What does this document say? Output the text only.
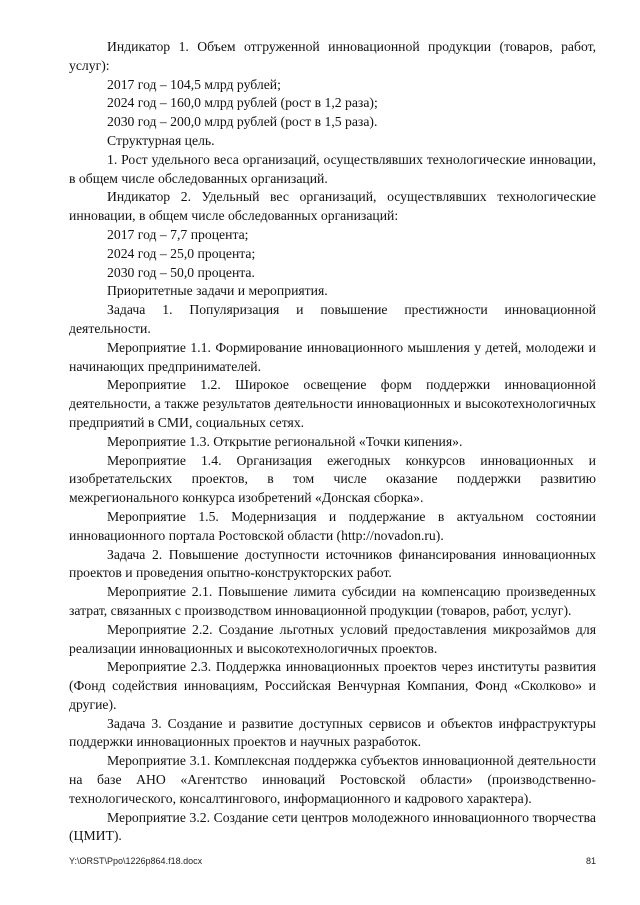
Индикатор 1. Объем отгруженной инновационной продукции (товаров, работ, услуг):

2017 год – 104,5 млрд рублей;

2024 год – 160,0 млрд рублей (рост в 1,2 раза);

2030 год – 200,0 млрд рублей (рост в 1,5 раза).

Структурная цель.

1. Рост удельного веса организаций, осуществлявших технологические инновации, в общем числе обследованных организаций.

Индикатор 2. Удельный вес организаций, осуществлявших технологические инновации, в общем числе обследованных организаций:

2017 год – 7,7 процента;

2024 год – 25,0 процента;

2030 год – 50,0 процента.

Приоритетные задачи и мероприятия.

Задача 1. Популяризация и повышение престижности инновационной деятельности.

Мероприятие 1.1. Формирование инновационного мышления у детей, молодежи и начинающих предпринимателей.

Мероприятие 1.2. Широкое освещение форм поддержки инновационной деятельности, а также результатов деятельности инновационных и высокотехнологичных предприятий в СМИ, социальных сетях.

Мероприятие 1.3. Открытие региональной «Точки кипения».

Мероприятие 1.4. Организация ежегодных конкурсов инновационных и изобретательских проектов, в том числе оказание поддержки развитию межрегионального конкурса изобретений «Донская сборка».

Мероприятие 1.5. Модернизация и поддержание в актуальном состоянии инновационного портала Ростовской области (http://novadon.ru).

Задача 2. Повышение доступности источников финансирования инновационных проектов и проведения опытно-конструкторских работ.

Мероприятие 2.1. Повышение лимита субсидии на компенсацию произведенных затрат, связанных с производством инновационной продукции (товаров, работ, услуг).

Мероприятие 2.2. Создание льготных условий предоставления микрозаймов для реализации инновационных и высокотехнологичных проектов.

Мероприятие 2.3. Поддержка инновационных проектов через институты развития (Фонд содействия инновациям, Российская Венчурная Компания, Фонд «Сколково» и другие).

Задача 3. Создание и развитие доступных сервисов и объектов инфраструктуры поддержки инновационных проектов и научных разработок.

Мероприятие 3.1. Комплексная поддержка субъектов инновационной деятельности на базе АНО «Агентство инноваций Ростовской области» (производственно-технологического, консалтингового, информационного и кадрового характера).

Мероприятие 3.2. Создание сети центров молодежного инновационного творчества (ЦМИТ).

Y:\ORST\Ppo\1226p864.f18.docx	81
